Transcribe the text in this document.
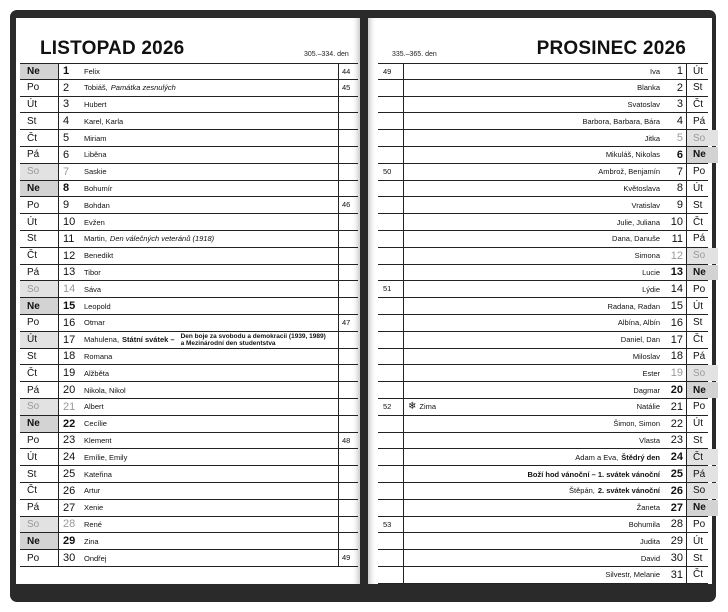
LISTOPAD 2026	305.–334. den
Ne	1	Felix	44
Po	2	Tobiáš, Památka zesnulých	45
Út	3	Hubert
St	4	Karel, Karla
Čt	5	Miriam
Pá	6	Liběna
So	7	Saskie
Ne	8	Bohumír
Po	9	Bohdan	46
Út	10	Evžen
St	11	Martin, Den válečných veteránů (1918)
Čt	12	Benedikt
Pá	13	Tibor
So	14	Sáva
Ne	15	Leopold
Po	16	Otmar	47
Út	17	Mahulena, Státní svátek – Den boje za svobodu a demokracii (1939, 1989) a Mezinárodní den studentstva
St	18	Romana
Čt	19	Alžběta
Pá	20	Nikola, Nikol
So	21	Albert
Ne	22	Cecílie
Po	23	Klement	48
Út	24	Emílie, Emily
St	25	Kateřina
Čt	26	Artur
Pá	27	Xenie
So	28	René
Ne	29	Zina
Po	30	Ondřej	49
PROSINEC 2026
335.–365. den
49	Iva	1	Út
Blanka	2	St
Svatoslav	3	Čt
Barbora, Barbara, Bára	4	Pá
Jitka	5	So
Mikuláš, Nikolas	6	Ne
50	Ambrož, Benjamín	7	Po
Květoslava	8	Út
Vratislav	9	St
Julie, Juliana 10	Čt
Dana, Danuše	11	Pá
Simona 12	So
Lucie 13	Ne
51	Lýdie 14	Po
Radana, Radan 15	Út
Albína, Albín 16	St
Daniel, Dan 17	Čt
Miloslav 18	Pá
Ester 19	So
Dagmar 20	Ne
52	❄ Zima	Natálie 21	Po
Šimon, Simon 22	Út
Vlasta 23	St
Adam a Eva, Štědrý den 24	Čt
Boží hod vánoční – 1. svátek vánoční 25	Pá
Štěpán, 2. svátek vánoční 26	So
Žaneta 27	Ne
53	Bohumila 28	Po
Judita 29	Út
David 30	St
Silvestr, Melanie 31	Čt
